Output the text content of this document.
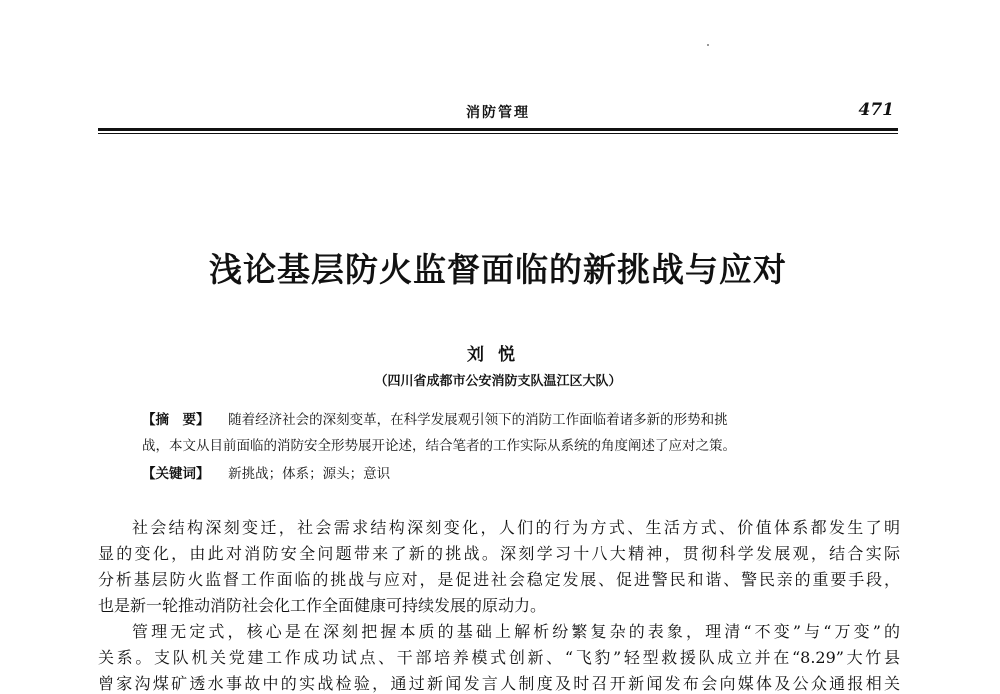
消防管理	471
浅论基层防火监督面临的新挑战与应对
刘悦
（四川省成都市公安消防支队温江区大队）
【摘　要】 随着经济社会的深刻变革，在科学发展观引领下的消防工作面临着诸多新的形势和挑
战，本文从目前面临的消防安全形势展开论述，结合笔者的工作实际从系统的角度阐述了应对之策。
【关键词】 新挑战；体系；源头；意识
社会结构深刻变迁，社会需求结构深刻变化，人们的行为方式、生活方式、价值体系都发生了明
显的变化，由此对消防安全问题带来了新的挑战。深刻学习十八大精神，贯彻科学发展观，结合实际
分析基层防火监督工作面临的挑战与应对，是促进社会稳定发展、促进警民和谐、警民亲的重要手段，
也是新一轮推动消防社会化工作全面健康可持续发展的原动力。
管理无定式，核心是在深刻把握本质的基础上解析纷繁复杂的表象，理清“不变”与“万变”的
关系。支队机关党建工作成功试点、干部培养模式创新、“飞豹”轻型救援队成立并在“8.29”大竹县
曾家沟煤矿透水事故中的实战检验，通过新闻发言人制度及时召开新闻发布会向媒体及公众通报相关
